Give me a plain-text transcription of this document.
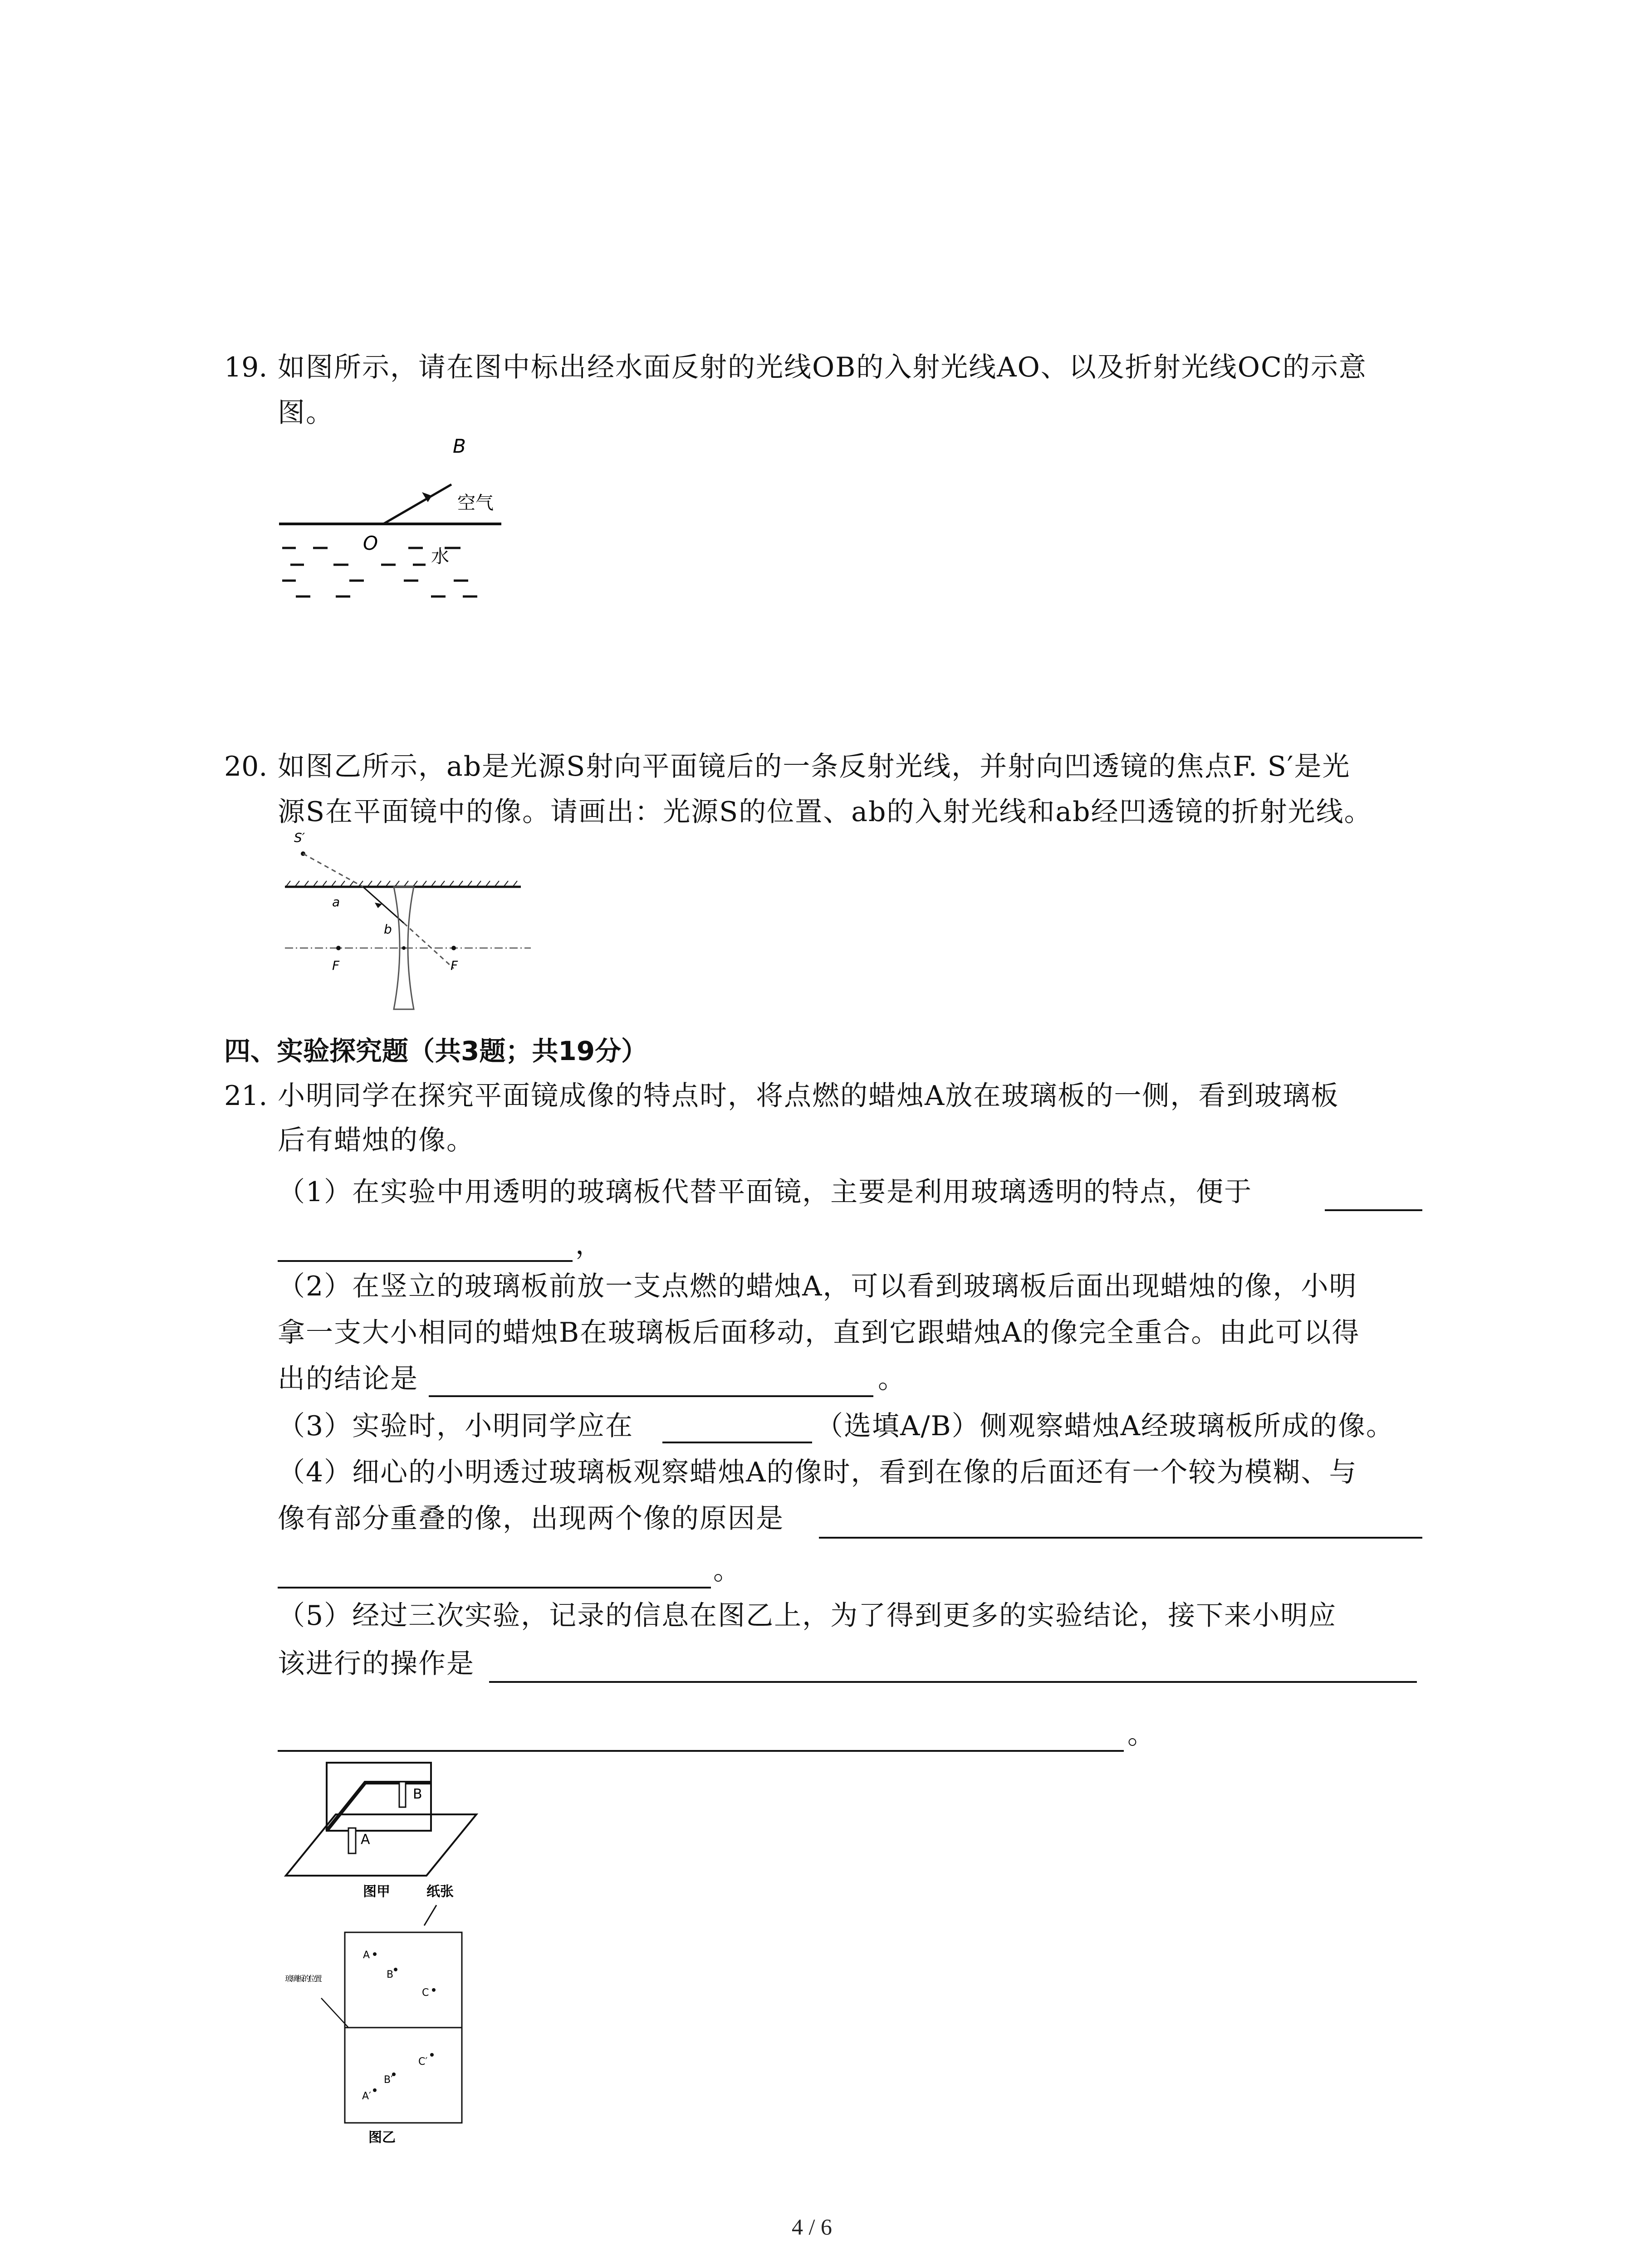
19. 如图所示，请在图中标出经水面反射的光线OB的入射光线AO、以及折射光线OC的示意
图。
B
O
空气
水
20. 如图乙所示，ab是光源S射向平面镜后的一条反射光线，并射向凹透镜的焦点F. S′是光
源S在平面镜中的像。请画出：光源S的位置、ab的入射光线和ab经凹透镜的折射光线。
S′
a
b
F	F
四、实验探究题（共3题；共19分）
21. 小明同学在探究平面镜成像的特点时，将点燃的蜡烛A放在玻璃板的一侧，看到玻璃板
后有蜡烛的像。
（1）在实验中用透明的玻璃板代替平面镜，主要是利用玻璃透明的特点，便于
，
（2）在竖立的玻璃板前放一支点燃的蜡烛A，可以看到玻璃板后面出现蜡烛的像，小明
拿一支大小相同的蜡烛B在玻璃板后面移动，直到它跟蜡烛A的像完全重合。由此可以得
出的结论是	。
（3）实验时，小明同学应在	（选填A/B）侧观察蜡烛A经玻璃板所成的像。
（4）细心的小明透过玻璃板观察蜡烛A的像时，看到在像的后面还有一个较为模糊、与
像有部分重叠的像，出现两个像的原因是
。
（5）经过三次实验，记录的信息在图乙上，为了得到更多的实验结论，接下来小明应
该进行的操作是
。
B
A
图甲	纸张
玻璃板的位置
A
B
C
A′
B′
C′
图乙
4 / 6
